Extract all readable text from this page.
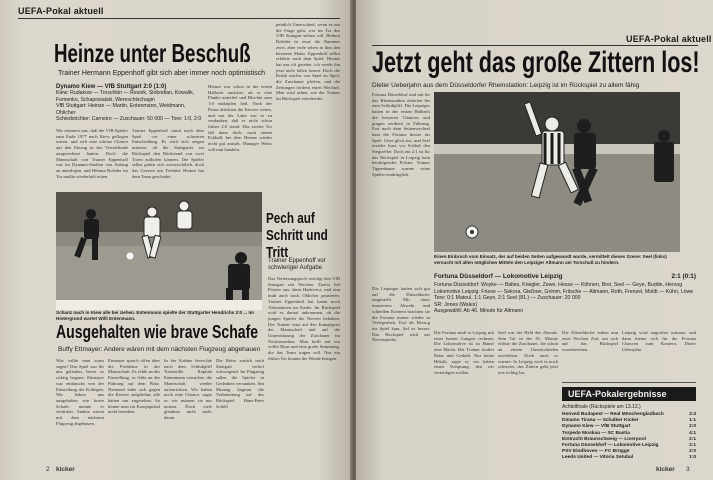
UEFA-Pokal aktuell
Heinze unter Beschuß
Trainer Hermann Eppenhoff gibt sich aber immer noch optimistisch
Dynamo Kiew — VfB Stuttgart 2:0 (1:0)
Kiew: Rudakow — Troschkin — Resnik, Slobodian, Kowalik, Fomenko, Schapowalski, Wereschtschagin
VfB Stuttgart: Heinze — Martin, Entenmann, Weidmann, Ohlicher
Schiedsrichter: Carneiro — Zuschauer: 50 000 — Tore: 1:0, 2:0
Wir erinnern uns, daß die VfB-Spieler zum Ende 1977 nach Kiew geflogen waren, und sich eine schöne Chance auf den Einzug in das Viertelfinale ausgerechnet hatten. Doch die Mannschaft von Trainer Eppenhoff war im Dynamo-Stadion von Anfang an unterlegen, und Helmut Roleder im Tor mußte wiederholt retten.
Trainer Eppenhoff stand nach dem Spiel vor einer schweren Entscheidung. Es wird sich zeigen müssen, ob die Stuttgarter im Rückspiel den Rückstand von zwei Toren aufholen können. Die Spieler selbst gaben sich zuversichtlich, doch das Gezerre um Torhüter Heinze hat dem Team geschadet.
Heinze war schon in der ersten Halbzeit unsicher, als er eine Flanke unterlief und Blochin zum 1:0 einköpfen ließ. Nach der Pause drückten die Kiewer weiter, und nur der Latte war es zu verdanken, daß es nicht schon früher 2:0 stand. Das zweite Tor fiel dann doch, nach einem Eckball, bei dem Heinze wieder nicht gut aussah. Manager Weiss will nun handeln.
peinlich Unterschied, wenn es um die Frage geht, wer im Tor des VfB Stuttgart stehen soll. Helmut Roleder ist zwar die Nummer zwei, aber viele sehen in ihm den besseren Mann. Eppenhoff selbst erklärte nach dem Spiel: Heinze hat uns oft gerettet, ich werde ihn jetzt nicht fallen lassen. Doch die Kritik wächst von Spiel zu Spiel, die Zuschauer pfeifen, und die Zeitungen fordern einen Wechsel. Man wird sehen, wie der Trainer im Rückspiel entscheidet.
Schanz nach in Kiew alle bei ziehen. Entenmann spielte der Stuttgarter Hendrichs 2:0 ... Im Hintergrund wartet Willi Entenmann.
Pech auf Schritt und Tritt
Trainer Eppenhoff vor schwieriger Aufgabe
Das Verletzungspech verfolgt den VfB Stuttgart seit Wochen. Zuerst fiel Förster aus, dann Hadewicz, und nun muß auch noch Ohlicher pausieren. Trainer Eppenhoff hat kaum noch Alternativen im Kader. Im Rückspiel wird es darauf ankommen, ob die jungen Spieler die Nerven behalten. Der Trainer setzt auf den Kampfgeist der Mannschaft und auf die Unterstützung der Zuschauer im Neckarstadion. Man hofft auf ein volles Haus und eine große Stimmung, die das Team tragen soll. Nur ein frühes Tor könnte die Wende bringen.
Ausgehalten wie brave Schafe
Buffy Ettmayer: Andere wären mit dem nächsten Flugzeug abgehauen
Was sollte man sonst sagen? Das Spiel war für uns gelaufen, bevor es richtig begann. Ettmayer war enttäuscht von der Einstellung der Kollegen. Wir haben uns ausgehalten wie brave Schafe, meinte er verbittert. Andere wären mit dem nächsten Flugzeug abgehauen.
Ettmayer sprach offen über die Probleme in der Mannschaft. Es fehle an der Einstellung, es fehle an der Führung auf dem Platz. Niemand habe sich gegen die Kiewer aufgelehnt, alle hätten nur zugesehen. So könne man im Europapokal nicht bestehen.
In der Kabine herrschte nach dem Schlußpfiff Totenstille. Kapitän Entenmann versuchte, die Mannschaft wieder aufzurichten. Wir haben noch eine Chance, sagte er, wir müssen sie nur nutzen. Doch viele glaubten nicht mehr daran.
Die Reise zurück nach Stuttgart verlief schweigend. Im Flugzeug saßen die Spieler in Gedanken versunken. Am Montag beginnt die Vorbereitung auf das Rückspiel. Hans-Peter Schöll
2 kicker
UEFA-Pokal aktuell
Jetzt geht das große Zittern los!
Dieter Ueberjahn aus dem Düsseldorfer Rheinstadion: Leipzig ist im Rückspiel zu allem fähig
Fortuna Düsseldorf und mit ihr das Rheinstadion zitterten bis zum Schlußpfiff. Die Leipziger hatten in der ersten Halbzeit die besseren Chancen und gingen verdient in Führung. Erst nach dem Seitenwechsel kam die Fortuna besser ins Spiel. Geye glich aus, und Seel erzielte kurz vor Schluß den Siegtreffer. Doch ein 2:1 ist für das Rückspiel in Leipzig kein beruhigendes Polster. Trainer Tippenhauer warnte seine Spieler eindringlich.
Einen Einbruch vom Einsatz, der auf beiden Seiten aufgewandt wurde, vermittelt dieses Szene: Seel (links) versucht mit allen möglichen Mitteln den Leipziger Altmann am Torschuß zu hindern.
Fortuna Düsseldorf — Lokomotive Leipzig	2:1 (0:1)
Fortuna Düsseldorf: Woyke — Baltes, Kriegler, Zewe, Hesse — Köhnen, Brei, Seel — Geye, Budde, Herzog
Lokomotive Leipzig: Friese — Sekora, Gießner, Grimm, Fritsche — Altmann, Roth, Frenzel, Moldt — Kühn, Löwe
Tore: 0:1 Matoul, 1:1 Geye, 2:1 Seel (81.) — Zuschauer: 20 000
SR: Jones (Wales)
Ausgewählt: Ab 46. Minute für Altmann
Die Leipziger hatten sich gut auf die Düsseldorfer eingestellt. Mit einer massierten Abwehr und schnellen Kontern brachten sie die Fortuna immer wieder in Verlegenheit. Erst als Herzog ins Spiel kam, lief es besser. Das Rückspiel wird zur Nervenprobe.
Die Fortuna muß in Leipzig mit einer harten Gangart rechnen. Die Lokomotive ist zu Hause eine Macht. Der Trainer fordert Ruhe und Geduld. Nur keine Hektik, sagte er, wir haben einen Vorsprung, den wir verteidigen wollen.
Seel war der Held des Abends. Sein Tor in der 81. Minute erlöste die Zuschauer, die schon an einem Unentschieden zweifelten. Doch auch er warnte: In Leipzig wird es noch schwerer, das Zittern geht jetzt erst richtig los.
Die Düsseldorfer haben nun zwei Wochen Zeit, um sich auf das Rückspiel vorzubereiten.
Leipzig wird angreifen müssen, und dann bieten sich für die Fortuna Chancen zum Kontern. Dieter Ueberjahn
UEFA-Pokalergebnisse
Achtelfinale (Rückspiele am 13.12.)
Honved Budapest — Real Mönchengladbach	2:3
Dinamo Tirana — Schalker Kicker	1:1
Dynamo Kiew — VfB Stuttgart	2:0
Torpedo Moskau — SC Bastia	4:1
Eintracht Braunschweig — Liverpool	2:1
Fortuna Düsseldorf — Lokomotive Leipzig	2:1
PSV Eindhoven — FC Brügge	2:0
Leeds United — Vitoria Setubal	1:0
kicker 3
